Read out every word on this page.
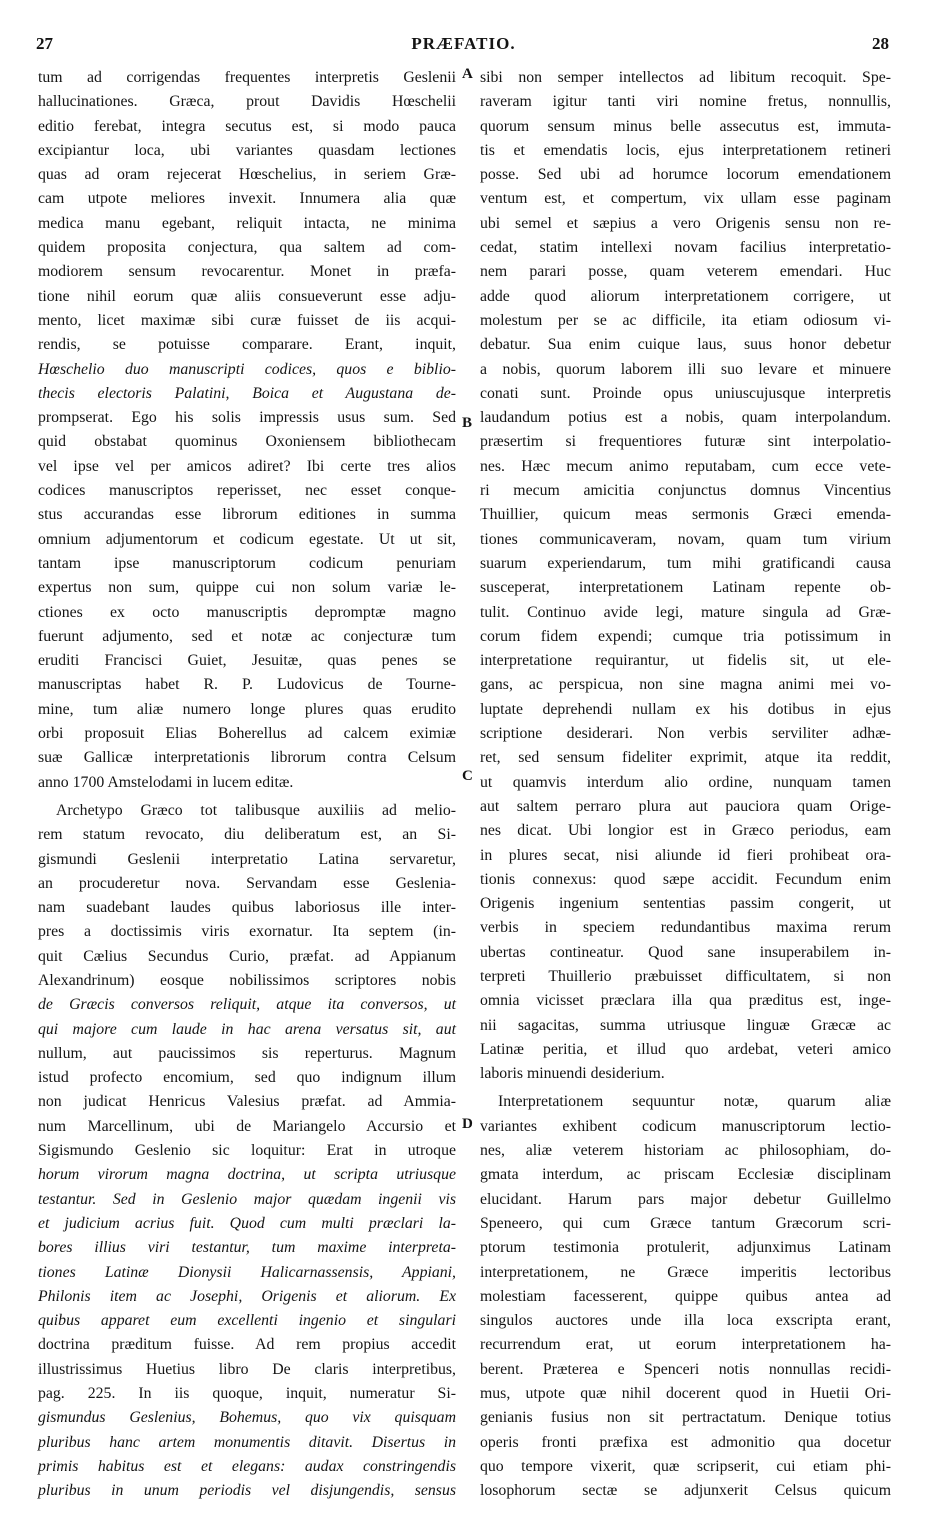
27	PRÆFATIO.	28
tum ad corrigendas frequentes interpretis Geslenii
hallucinationes. Græca, prout Davidis Hœschelii
editio ferebat, integra secutus est, si modo pauca
excipiantur loca, ubi variantes quasdam lectiones
quas ad oram rejecerat Hœschelius, in seriem Græ-
cam utpote meliores invexit. Innumera alia quæ
medica manu egebant, reliquit intacta, ne minima
quidem proposita conjectura, qua saltem ad com-
modiorem sensum revocarentur. Monet in præfa-
tione nihil eorum quæ aliis consueverunt esse adju-
mento, licet maximæ sibi curæ fuisset de iis acqui-
rendis, se potuisse comparare. Erant, inquit,
Hœschelio duo manuscripti codices, quos e biblio-
thecis electoris Palatini, Boica et Augustana de-
prompserat. Ego his solis impressis usus sum. Sed
quid obstabat quominus Oxoniensem bibliothecam
vel ipse vel per amicos adiret? Ibi certe tres alios
codices manuscriptos reperisset, nec esset conque-
stus accurandas esse librorum editiones in summa
omnium adjumentorum et codicum egestate. Ut ut sit,
tantam ipse manuscriptorum codicum penuriam
expertus non sum, quippe cui non solum variæ le-
ctiones ex octo manuscriptis depromptæ magno
fuerunt adjumento, sed et notæ ac conjecturæ tum
eruditi Francisci Guiet, Jesuitæ, quas penes se
manuscriptas habet R. P. Ludovicus de Tourne-
mine, tum aliæ numero longe plures quas erudito
orbi proposuit Elias Boherellus ad calcem eximiæ
suæ Gallicæ interpretationis librorum contra Celsum
anno 1700 Amstelodami in lucem editæ.
Archetypo Græco tot talibusque auxiliis ad melio-
rem statum revocato, diu deliberatum est, an Si-
gismundi Geslenii interpretatio Latina servaretur,
an procuderetur nova. Servandam esse Geslenia-
nam suadebant laudes quibus laboriosus ille inter-
pres a doctissimis viris exornatur. Ita septem (in-
quit Cælius Secundus Curio, præfat. ad Appianum
Alexandrinum) eosque nobilissimos scriptores nobis
de Græcis conversos reliquit, atque ita conversos, ut
qui majore cum laude in hac arena versatus sit, aut
nullum, aut paucissimos sis reperturus. Magnum
istud profecto encomium, sed quo indignum illum
non judicat Henricus Valesius præfat. ad Ammia-
num Marcellinum, ubi de Mariangelo Accursio et
Sigismundo Geslenio sic loquitur: Erat in utroque
horum virorum magna doctrina, ut scripta utriusque
testantur. Sed in Geslenio major quædam ingenii vis
et judicium acrius fuit. Quod cum multi præclari la-
bores illius viri testantur, tum maxime interpreta-
tiones Latinæ Dionysii Halicarnassensis, Appiani,
Philonis item ac Josephi, Origenis et aliorum. Ex
quibus apparet eum excellenti ingenio et singulari
doctrina præditum fuisse. Ad rem propius accedit
illustrissimus Huetius libro De claris interpretibus,
pag. 225. In iis quoque, inquit, numeratur Si-
gismundus Geslenius, Bohemus, quo vix quisquam
pluribus hanc artem monumentis ditavit. Disertus in
primis habitus est et elegans: audax constringendis
pluribus in unum periodis vel disjungendis, sensus
sibi non semper intellectos ad libitum recoquit. Spe-
raveram igitur tanti viri nomine fretus, nonnullis,
quorum sensum minus belle assecutus est, immuta-
tis et emendatis locis, ejus interpretationem retineri
posse. Sed ubi ad horumce locorum emendationem
ventum est, et compertum, vix ullam esse paginam
ubi semel et sæpius a vero Origenis sensu non re-
cedat, statim intellexi novam facilius interpretatio-
nem parari posse, quam veterem emendari. Huc
adde quod aliorum interpretationem corrigere, ut
molestum per se ac difficile, ita etiam odiosum vi-
debatur. Sua enim cuique laus, suus honor debetur
a nobis, quorum laborem illi suo levare et minuere
conati sunt. Proinde opus uniuscujusque interpretis
laudandum potius est a nobis, quam interpolandum.
præsertim si frequentiores futuræ sint interpolatio-
nes. Hæc mecum animo reputabam, cum ecce vete-
ri mecum amicitia conjunctus domnus Vincentius
Thuillier, quicum meas sermonis Græci emenda-
tiones communicaveram, novam, quam tum virium
suarum experiendarum, tum mihi gratificandi causa
susceperat, interpretationem Latinam repente ob-
tulit. Continuo avide legi, mature singula ad Græ-
corum fidem expendi; cumque tria potissimum in
interpretatione requirantur, ut fidelis sit, ut ele-
gans, ac perspicua, non sine magna animi mei vo-
luptate deprehendi nullam ex his dotibus in ejus
scriptione desiderari. Non verbis serviliter adhæ-
ret, sed sensum fideliter exprimit, atque ita reddit,
ut quamvis interdum alio ordine, nunquam tamen
aut saltem perraro plura aut pauciora quam Orige-
nes dicat. Ubi longior est in Græco periodus, eam
in plures secat, nisi aliunde id fieri prohibeat ora-
tionis connexus: quod sæpe accidit. Fecundum enim
Origenis ingenium sententias passim congerit, ut
verbis in speciem redundantibus maxima rerum
ubertas contineatur. Quod sane insuperabilem in-
terpreti Thuillerio præbuisset difficultatem, si non
omnia vicisset præclara illa qua præditus est, inge-
nii sagacitas, summa utriusque linguæ Græcæ ac
Latinæ peritia, et illud quo ardebat, veteri amico
laboris minuendi desiderium.
Interpretationem sequuntur notæ, quarum aliæ
variantes exhibent codicum manuscriptorum lectio-
nes, aliæ veterem historiam ac philosophiam, do-
gmata interdum, ac priscam Ecclesiæ disciplinam
elucidant. Harum pars major debetur Guillelmo
Speneero, qui cum Græce tantum Græcorum scri-
ptorum testimonia protulerit, adjunximus Latinam
interpretationem, ne Græce imperitis lectoribus
molestiam facesserent, quippe quibus antea ad
singulos auctores unde illa loca exscripta erant,
recurrendum erat, ut eorum interpretationem ha-
berent. Præterea e Spenceri notis nonnullas recidi-
mus, utpote quæ nihil docerent quod in Huetii Ori-
genianis fusius non sit pertractatum. Denique totius
operis fronti præfixa est admonitio qua docetur
quo tempore vixerit, quæ scripserit, cui etiam phi-
losophorum sectæ se adjunxerit Celsus quicum
A
B
C
D
